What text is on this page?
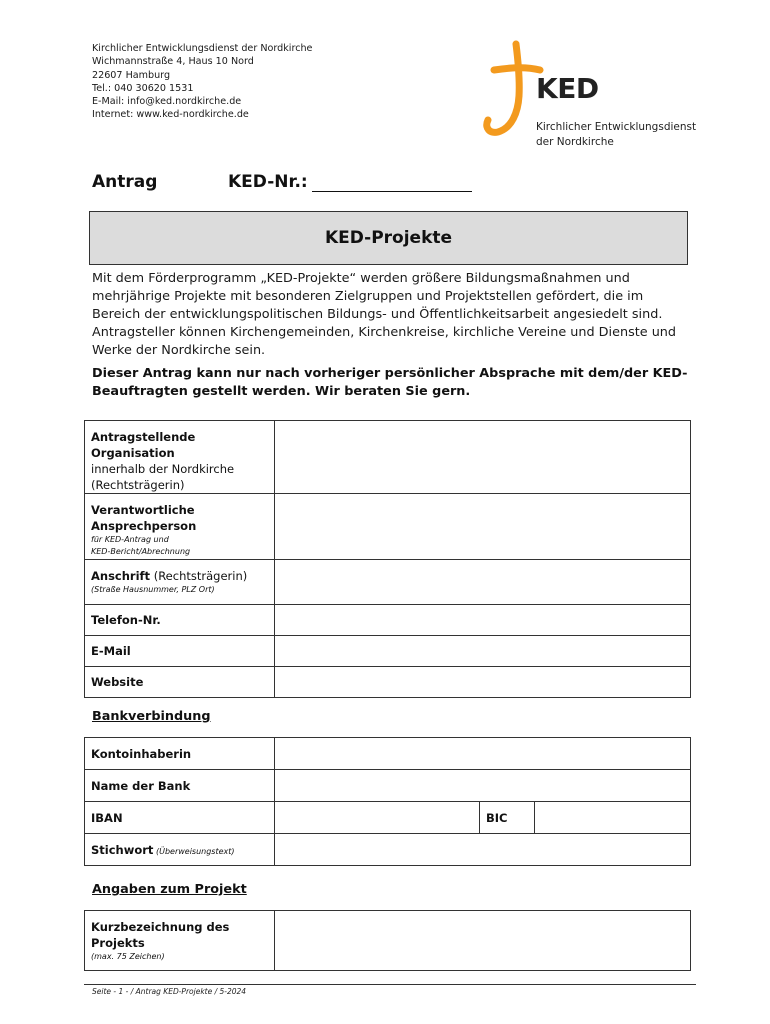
Kirchlicher Entwicklungsdienst der Nordkirche
Wichmannstraße 4, Haus 10 Nord
22607 Hamburg
Tel.: 040 30620 1531
E-Mail: info@ked.nordkirche.de
Internet: www.ked-nordkirche.de
KED
Kirchlicher Entwicklungsdienst
der Nordkirche
Antrag	KED-Nr.:
KED-Projekte
Mit dem Förderprogramm „KED-Projekte“ werden größere Bildungsmaßnahmen und mehrjährige Projekte mit besonderen Zielgruppen und Projektstellen gefördert, die im Bereich der entwicklungspolitischen Bildungs- und Öffentlichkeitsarbeit angesiedelt sind. Antragsteller können Kirchengemeinden, Kirchenkreise, kirchliche Vereine und Dienste und Werke der Nordkirche sein.
Dieser Antrag kann nur nach vorheriger persönlicher Absprache mit dem/der KED-Beauftragten gestellt werden. Wir beraten Sie gern.
Antragstellende Organisation
innerhalb der Nordkirche
(Rechtsträgerin)	

Verantwortliche
Ansprechperson
für KED-Antrag und
KED-Bericht/Abrechnung	

Anschrift (Rechtsträgerin)
(Straße Hausnummer, PLZ Ort)	

Telefon-Nr.	
E-Mail	
Website	
Bankverbindung
Kontoinhaberin			
Name der Bank			
IBAN		BIC	
Stichwort (Überweisungstext)			
Angaben zum Projekt
Kurzbezeichnung des Projekts
(max. 75 Zeichen)

Seite - 1 - / Antrag KED-Projekte / 5-2024
